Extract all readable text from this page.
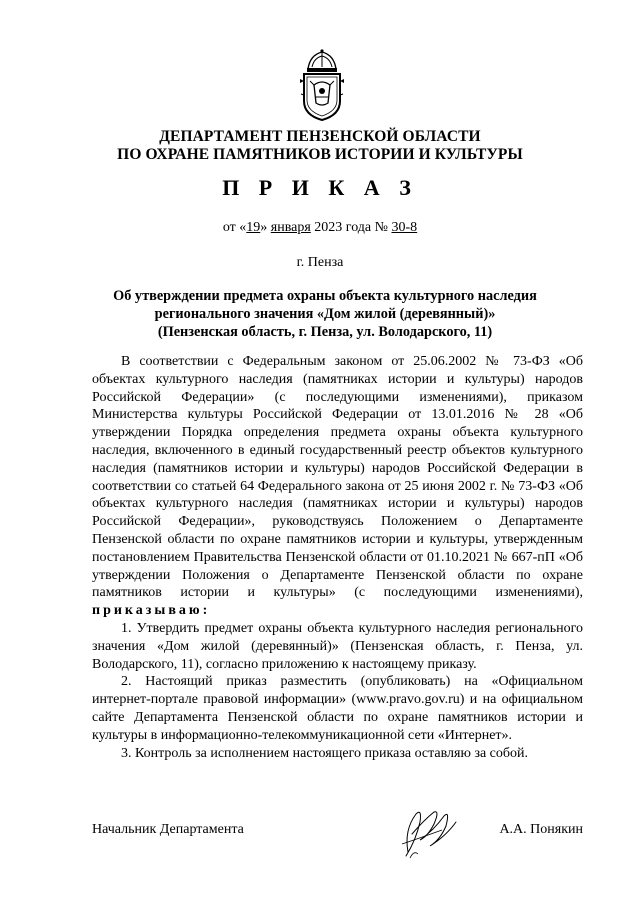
ДЕПАРТАМЕНТ ПЕНЗЕНСКОЙ ОБЛАСТИ
ПО ОХРАНЕ ПАМЯТНИКОВ ИСТОРИИ И КУЛЬТУРЫ
П Р И К А З
от «19» января 2023 года № 30-8
г. Пенза
Об утверждении предмета охраны объекта культурного наследия
регионального значения «Дом жилой (деревянный)»
(Пензенская область, г. Пенза, ул. Володарского, 11)

В соответствии с Федеральным законом от 25.06.2002 № 73-ФЗ «Об объектах культурного наследия (памятниках истории и культуры) народов Российской Федерации» (с последующими изменениями), приказом Министерства культуры Российской Федерации от 13.01.2016 № 28 «Об утверждении Порядка определения предмета охраны объекта культурного наследия, включенного в единый государственный реестр объектов культурного наследия (памятников истории и культуры) народов Российской Федерации в соответствии со статьей 64 Федерального закона от 25 июня 2002 г. № 73-ФЗ «Об объектах культурного наследия (памятниках истории и культуры) народов Российской Федерации», руководствуясь Положением о Департаменте Пензенской области по охране памятников истории и культуры, утвержденным постановлением Правительства Пензенской области от 01.10.2021 № 667-пП «Об утверждении Положения о Департаменте Пензенской области по охране памятников истории и культуры» (с последующими изменениями), приказываю:

1. Утвердить предмет охраны объекта культурного наследия регионального значения «Дом жилой (деревянный)» (Пензенская область, г. Пенза, ул. Володарского, 11), согласно приложению к настоящему приказу.

2. Настоящий приказ разместить (опубликовать) на «Официальном интернет-портале правовой информации» (www.pravo.gov.ru) и на официальном сайте Департамента Пензенской области по охране памятников истории и культуры в информационно-телекоммуникационной сети «Интернет».

3. Контроль за исполнением настоящего приказа оставляю за собой.

Начальник Департамента	А.А. Понякин
